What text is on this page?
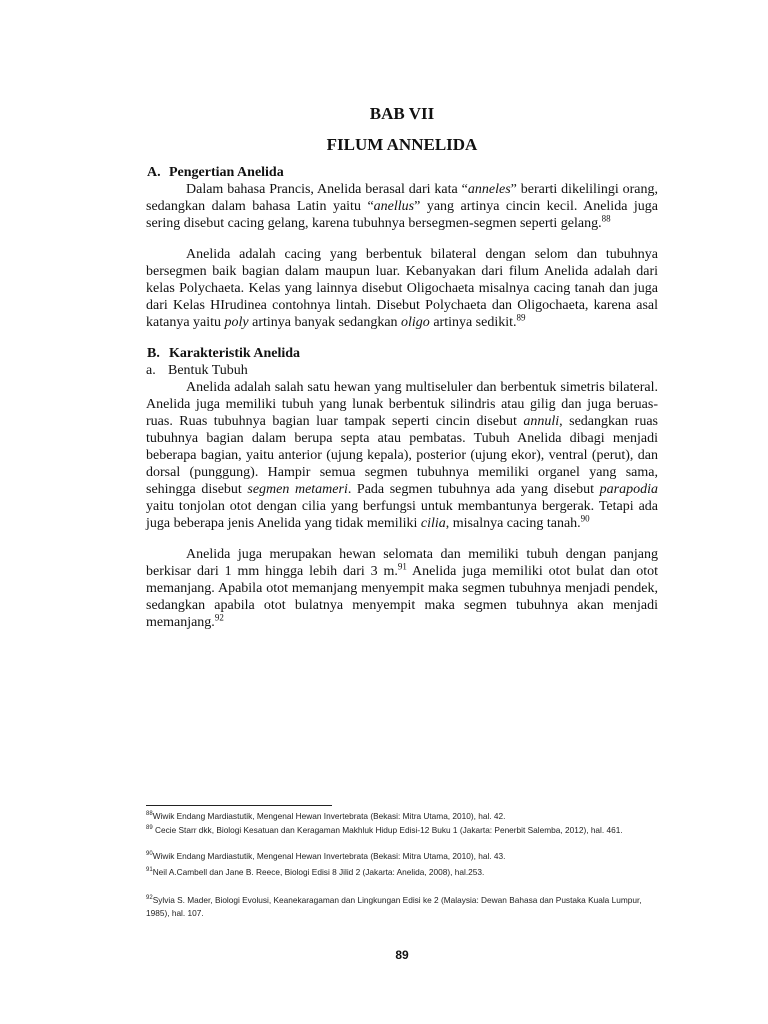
BAB VII
FILUM ANNELIDA

A. Pengertian Anelida

Dalam bahasa Prancis, Anelida berasal dari kata “anneles” berarti dikelilingi orang, sedangkan dalam bahasa Latin yaitu “anellus” yang artinya cincin kecil. Anelida juga sering disebut cacing gelang, karena tubuhnya bersegmen-segmen seperti gelang.$^{88}$

Anelida adalah cacing yang berbentuk bilateral dengan selom dan tubuhnya bersegmen baik bagian dalam maupun luar. Kebanyakan dari filum Anelida adalah dari kelas Polychaeta. Kelas yang lainnya disebut Oligochaeta misalnya cacing tanah dan juga dari Kelas HIrudinea contohnya lintah. Disebut Polychaeta dan Oligochaeta, karena asal katanya yaitu poly artinya banyak sedangkan oligo artinya sedikit.$^{89}$

B. Karakteristik Anelida

a. Bentuk Tubuh

Anelida adalah salah satu hewan yang multiseluler dan berbentuk simetris bilateral. Anelida juga memiliki tubuh yang lunak berbentuk silindris atau gilig dan juga beruas-ruas. Ruas tubuhnya bagian luar tampak seperti cincin disebut annuli, sedangkan ruas tubuhnya bagian dalam berupa septa atau pembatas. Tubuh Anelida dibagi menjadi beberapa bagian, yaitu anterior (ujung kepala), posterior (ujung ekor), ventral (perut), dan dorsal (punggung). Hampir semua segmen tubuhnya memiliki organel yang sama, sehingga disebut segmen metameri. Pada segmen tubuhnya ada yang disebut parapodia yaitu tonjolan otot dengan cilia yang berfungsi untuk membantunya bergerak. Tetapi ada juga beberapa jenis Anelida yang tidak memiliki cilia, misalnya cacing tanah.$^{90}$

Anelida juga merupakan hewan selomata dan memiliki tubuh dengan panjang berkisar dari 1 mm hingga lebih dari 3 m.$^{91}$ Anelida juga memiliki otot bulat dan otot memanjang. Apabila otot memanjang menyempit maka segmen tubuhnya menjadi pendek, sedangkan apabila otot bulatnya menyempit maka segmen tubuhnya akan menjadi memanjang.$^{92}$

$^{88}$Wiwik Endang Mardiastutik, Mengenal Hewan Invertebrata (Bekasi: Mitra Utama, 2010), hal. 42.
$^{89}$ Cecie Starr dkk, Biologi Kesatuan dan Keragaman Makhluk Hidup Edisi-12 Buku 1 (Jakarta: Penerbit Salemba, 2012), hal. 461.
$^{90}$Wiwik Endang Mardiastutik, Mengenal Hewan Invertebrata (Bekasi: Mitra Utama, 2010), hal. 43.
$^{91}$Neil A.Cambell dan Jane B. Reece, Biologi Edisi 8 Jilid 2 (Jakarta: Anelida, 2008), hal.253.
$^{92}$Sylvia S. Mader, Biologi Evolusi, Keanekaragaman dan Lingkungan Edisi ke 2 (Malaysia: Dewan Bahasa dan Pustaka Kuala Lumpur, 1985), hal. 107.
89
